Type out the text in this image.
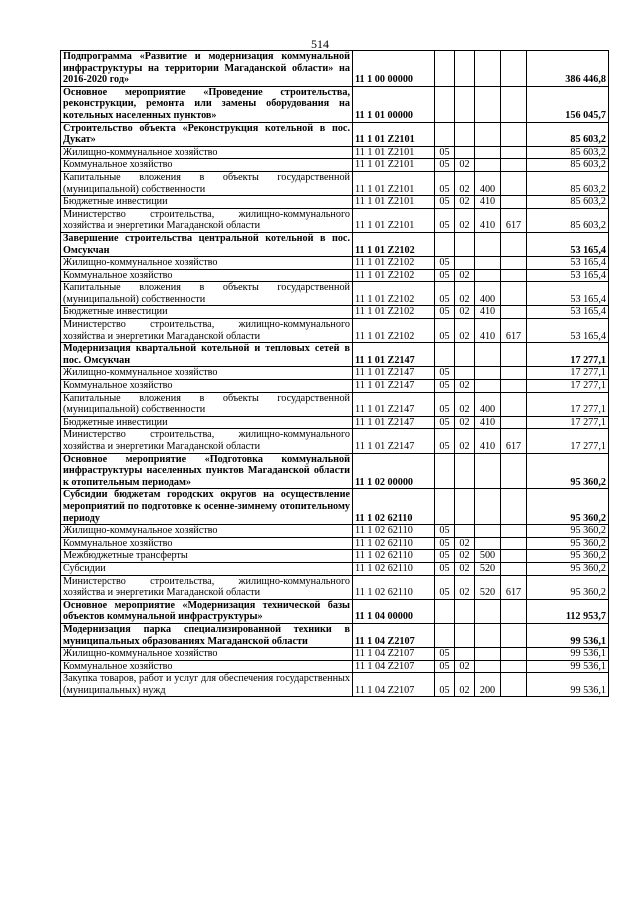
514
Подпрограмма «Развитие и модернизация коммунальной инфраструктуры на территории Магаданской области» на 2016-2020 год»	11 1 00 00000					386 446,8
Основное мероприятие «Проведение строительства, реконструкции, ремонта или замены оборудования на котельных населенных пунктов»	11 1 01 00000					156 045,7
Строительство объекта «Реконструкция котельной в пос. Дукат»	11 1 01 Z2101					85 603,2
Жилищно-коммунальное хозяйство	11 1 01 Z2101	05				85 603,2
Коммунальное хозяйство	11 1 01 Z2101	05	02			85 603,2
Капитальные вложения в объекты государственной (муниципальной) собственности	11 1 01 Z2101	05	02	400		85 603,2
Бюджетные инвестиции	11 1 01 Z2101	05	02	410		85 603,2
Министерство строительства, жилищно-коммунального хозяйства и энергетики Магаданской области	11 1 01 Z2101	05	02	410	617	85 603,2
Завершение строительства центральной котельной в пос. Омсукчан	11 1 01 Z2102					53 165,4
Жилищно-коммунальное хозяйство	11 1 01 Z2102	05				53 165,4
Коммунальное хозяйство	11 1 01 Z2102	05	02			53 165,4
Капитальные вложения в объекты государственной (муниципальной) собственности	11 1 01 Z2102	05	02	400		53 165,4
Бюджетные инвестиции	11 1 01 Z2102	05	02	410		53 165,4
Министерство строительства, жилищно-коммунального хозяйства и энергетики Магаданской области	11 1 01 Z2102	05	02	410	617	53 165,4
Модернизация квартальной котельной и тепловых сетей в пос. Омсукчан	11 1 01 Z2147					17 277,1
Жилищно-коммунальное хозяйство	11 1 01 Z2147	05				17 277,1
Коммунальное хозяйство	11 1 01 Z2147	05	02			17 277,1
Капитальные вложения в объекты государственной (муниципальной) собственности	11 1 01 Z2147	05	02	400		17 277,1
Бюджетные инвестиции	11 1 01 Z2147	05	02	410		17 277,1
Министерство строительства, жилищно-коммунального хозяйства и энергетики Магаданской области	11 1 01 Z2147	05	02	410	617	17 277,1
Основное мероприятие «Подготовка коммунальной инфраструктуры населенных пунктов Магаданской области к отопительным периодам»	11 1 02 00000					95 360,2
Субсидии бюджетам городских округов на осуществление мероприятий по подготовке к осенне-зимнему отопительному периоду	11 1 02 62110					95 360,2
Жилищно-коммунальное хозяйство	11 1 02 62110	05				95 360,2
Коммунальное хозяйство	11 1 02 62110	05	02			95 360,2
Межбюджетные трансферты	11 1 02 62110	05	02	500		95 360,2
Субсидии	11 1 02 62110	05	02	520		95 360,2
Министерство строительства, жилищно-коммунального хозяйства и энергетики Магаданской области	11 1 02 62110	05	02	520	617	95 360,2
Основное мероприятие «Модернизация технической базы объектов коммунальной инфраструктуры»	11 1 04 00000					112 953,7
Модернизация парка специализированной техники в муниципальных образованиях Магаданской области	11 1 04 Z2107					99 536,1
Жилищно-коммунальное хозяйство	11 1 04 Z2107	05				99 536,1
Коммунальное хозяйство	11 1 04 Z2107	05	02			99 536,1
Закупка товаров, работ и услуг для обеспечения государственных (муниципальных) нужд	11 1 04 Z2107	05	02	200		99 536,1
